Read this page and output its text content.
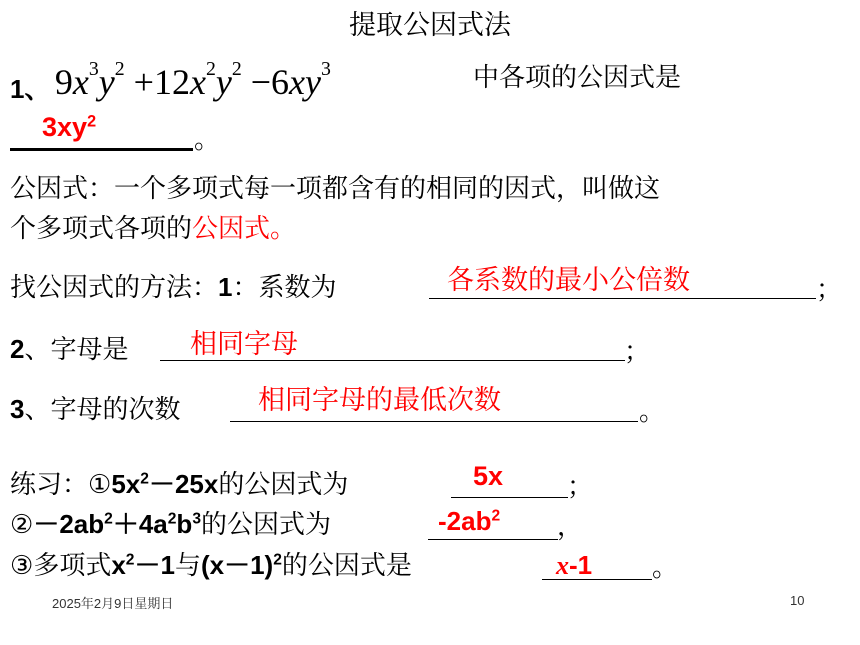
提取公因式法
1、 $9x^3y^2 +12x^2y^2 -6xy^3$	中各项的公因式是
$3xy^2$
。
公因式：一个多项式每一项都含有的相同的因式，叫做这
个多项式各项的公因式。
找公因式的方法：1：系数为	各系数的最小公倍数	；
2、字母是 相同字母	；
3、字母的次数	相同字母的最低次数	。
练习：$①5x^2-25x$的公因式为	5x ；
$②-2ab^2+4a^2b^3$的公因式为	$-2ab^2$ ，
③多项式$x^2-1$与$(x-1)^2$的公因式是	x-1 。
2025年2月9日星期日	10
